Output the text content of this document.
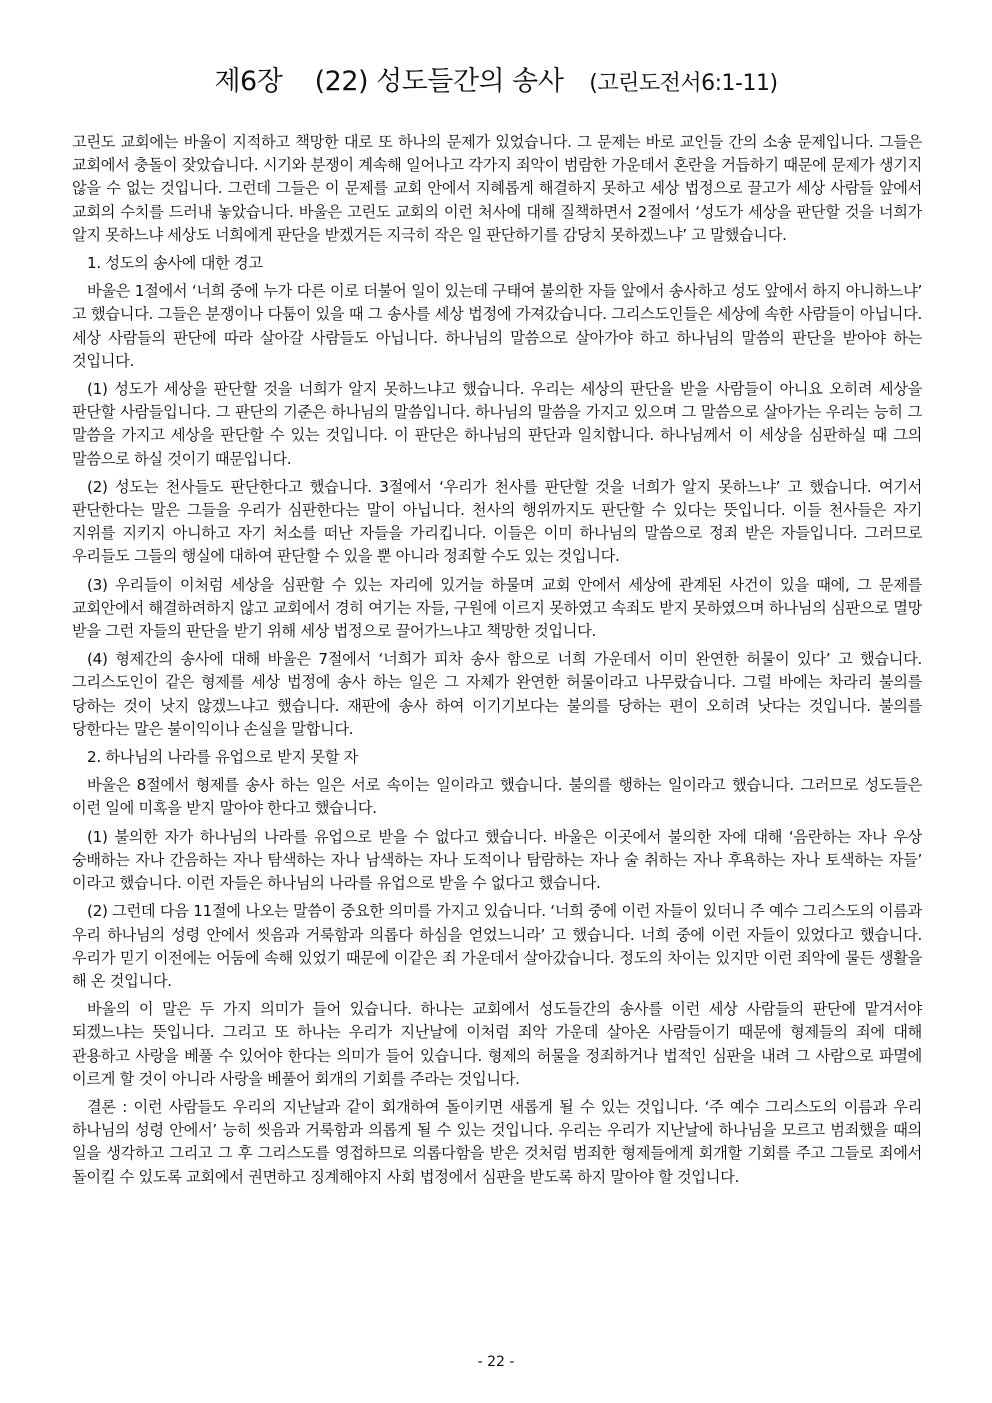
제6장    (22) 성도들간의 송사 (고린도전서6:1-11)

고린도 교회에는 바울이 지적하고 책망한 대로 또 하나의 문제가 있었습니다. 그 문제는 바로 교인들 간의 소송 문제입니다. 그들은 교회에서 충돌이 잦았습니다. 시기와 분쟁이 계속해 일어나고 각가지 죄악이 범람한 가운데서 혼란을 거듭하기 때문에 문제가 생기지 않을 수 없는 것입니다. 그런데 그들은 이 문제를 교회 안에서 지혜롭게 해결하지 못하고 세상 법정으로 끌고가 세상 사람들 앞에서 교회의 수치를 드러내 놓았습니다. 바울은 고린도 교회의 이런 처사에 대해 질책하면서 2절에서 ‘성도가 세상을 판단할 것을 너희가 알지 못하느냐 세상도 너희에게 판단을 받겠거든 지극히 작은 일 판단하기를 감당치 못하겠느냐’ 고 말했습니다.

1. 성도의 송사에 대한 경고

바울은 1절에서 ‘너희 중에 누가 다른 이로 더불어 일이 있는데 구태여 불의한 자들 앞에서 송사하고 성도 앞에서 하지 아니하느냐’ 고 했습니다. 그들은 분쟁이나 다툼이 있을 때 그 송사를 세상 법정에 가져갔습니다. 그리스도인들은 세상에 속한 사람들이 아닙니다. 세상 사람들의 판단에 따라 살아갈 사람들도 아닙니다. 하나님의 말씀으로 살아가야 하고 하나님의 말씀의 판단을 받아야 하는 것입니다.

(1) 성도가 세상을 판단할 것을 너희가 알지 못하느냐고 했습니다. 우리는 세상의 판단을 받을 사람들이 아니요 오히려 세상을 판단할 사람들입니다. 그 판단의 기준은 하나님의 말씀입니다. 하나님의 말씀을 가지고 있으며 그 말씀으로 살아가는 우리는 능히 그 말씀을 가지고 세상을 판단할 수 있는 것입니다. 이 판단은 하나님의 판단과 일치합니다. 하나님께서 이 세상을 심판하실 때 그의 말씀으로 하실 것이기 때문입니다.

(2) 성도는 천사들도 판단한다고 했습니다. 3절에서 ‘우리가 천사를 판단할 것을 너희가 알지 못하느냐’ 고 했습니다. 여기서 판단한다는 말은 그들을 우리가 심판한다는 말이 아닙니다. 천사의 행위까지도 판단할 수 있다는 뜻입니다. 이들 천사들은 자기 지위를 지키지 아니하고 자기 처소를 떠난 자들을 가리킵니다. 이들은 이미 하나님의 말씀으로 정죄 받은 자들입니다. 그러므로 우리들도 그들의 행실에 대하여 판단할 수 있을 뿐 아니라 정죄할 수도 있는 것입니다.

(3) 우리들이 이처럼 세상을 심판할 수 있는 자리에 있거늘 하물며 교회 안에서 세상에 관계된 사건이 있을 때에, 그 문제를 교회안에서 해결하려하지 않고 교회에서 경히 여기는 자들, 구원에 이르지 못하였고 속죄도 받지 못하였으며 하나님의 심판으로 멸망 받을 그런 자들의 판단을 받기 위해 세상 법정으로 끌어가느냐고 책망한 것입니다.

(4) 형제간의 송사에 대해 바울은 7절에서 ‘너희가 피차 송사 함으로 너희 가운데서 이미 완연한 허물이 있다’ 고 했습니다. 그리스도인이 같은 형제를 세상 법정에 송사 하는 일은 그 자체가 완연한 허물이라고 나무랐습니다. 그럴 바에는 차라리 불의를 당하는 것이 낫지 않겠느냐고 했습니다. 재판에 송사 하여 이기기보다는 불의를 당하는 편이 오히려 낫다는 것입니다. 불의를 당한다는 말은 불이익이나 손실을 말합니다.

2. 하나님의 나라를 유업으로 받지 못할 자

바울은 8절에서 형제를 송사 하는 일은 서로 속이는 일이라고 했습니다. 불의를 행하는 일이라고 했습니다. 그러므로 성도들은 이런 일에 미혹을 받지 말아야 한다고 했습니다.

(1) 불의한 자가 하나님의 나라를 유업으로 받을 수 없다고 했습니다. 바울은 이곳에서 불의한 자에 대해 ‘음란하는 자나 우상 숭배하는 자나 간음하는 자나 탐색하는 자나 남색하는 자나 도적이나 탐람하는 자나 술 취하는 자나 후욕하는 자나 토색하는 자들’ 이라고 했습니다. 이런 자들은 하나님의 나라를 유업으로 받을 수 없다고 했습니다.

(2) 그런데 다음 11절에 나오는 말씀이 중요한 의미를 가지고 있습니다. ‘너희 중에 이런 자들이 있더니 주 예수 그리스도의 이름과 우리 하나님의 성령 안에서 씻음과 거룩함과 의롭다 하심을 얻었느니라’ 고 했습니다. 너희 중에 이런 자들이 있었다고 했습니다. 우리가 믿기 이전에는 어둠에 속해 있었기 때문에 이같은 죄 가운데서 살아갔습니다. 정도의 차이는 있지만 이런 죄악에 물든 생활을 해 온 것입니다.

바울의 이 말은 두 가지 의미가 들어 있습니다. 하나는 교회에서 성도들간의 송사를 이런 세상 사람들의 판단에 맡겨서야 되겠느냐는 뜻입니다. 그리고 또 하나는 우리가 지난날에 이처럼 죄악 가운데 살아온 사람들이기 때문에 형제들의 죄에 대해 관용하고 사랑을 베풀 수 있어야 한다는 의미가 들어 있습니다. 형제의 허물을 정죄하거나 법적인 심판을 내려 그 사람으로 파멸에 이르게 할 것이 아니라 사랑을 베풀어 회개의 기회를 주라는 것입니다.

결론 : 이런 사람들도 우리의 지난날과 같이 회개하여 돌이키면 새롭게 될 수 있는 것입니다. ‘주 예수 그리스도의 이름과 우리 하나님의 성령 안에서’ 능히 씻음과 거룩함과 의롭게 될 수 있는 것입니다. 우리는 우리가 지난날에 하나님을 모르고 범죄했을 때의 일을 생각하고 그리고 그 후 그리스도를 영접하므로 의롭다함을 받은 것처럼 범죄한 형제들에게 회개할 기회를 주고 그들로 죄에서 돌이킬 수 있도록 교회에서 권면하고 징계해야지 사회 법정에서 심판을 받도록 하지 말아야 할 것입니다.

- 22 -
